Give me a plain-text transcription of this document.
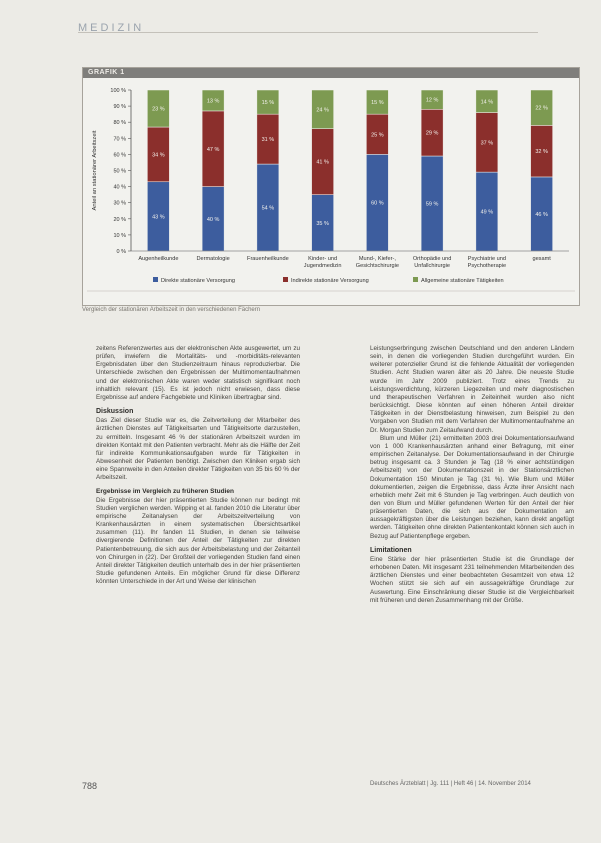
MEDIZIN
GRAFIK 1
0 %
10 %
20 %
30 %
40 %
50 %
60 %
70 %
80 %
90 %
100 %
Anteil an stationärer Arbeitszeit
43 %
34 %
23 %
Augenheilkunde
40 %
47 %
13 %
Dermatologie
54 %
31 %
15 %
Frauenheilkunde
35 %
41 %
24 %
Kinder- und
Jugendmedizin
60 %
25 %
15 %
Mund-, Kiefer-,
Gesichtschirurgie
59 %
29 %
12 %
Orthopädie und
Unfallchirurgie
49 %
37 %
14 %
Psychiatrie und
Psychotherapie
46 %
32 %
22 %
gesamt
Direkte stationäre Versorgung	Indirekte stationäre Versorgung	Allgemeine stationäre Tätigkeiten
Vergleich der stationären Arbeitszeit in den verschiedenen Fächern

zeitens Referenzwertes aus der elektronischen Akte ausgewertet, um zu prüfen, inwiefern die Mortalitäts- und -morbiditäts-relevanten Ergebnisdaten über den Studienzeitraum hinaus reproduzierbar. Die Unterschiede zwischen den Ergebnissen der Multimomentaufnahmen und der elektronischen Akte waren weder statistisch signifikant noch inhaltlich relevant (15). Es ist jedoch nicht erwiesen, dass diese Ergebnisse auf andere Fachgebiete und Kliniken übertragbar sind.

Diskussion

Das Ziel dieser Studie war es, die Zeitverteilung der Mitarbeiter des ärztlichen Dienstes auf Tätigkeitsarten und Tätigkeitsorte darzustellen, zu ermitteln. Insgesamt 46 % der stationären Arbeitszeit wurden im direkten Kontakt mit den Patienten verbracht. Mehr als die Hälfte der Zeit für indirekte Kommunikationsaufgaben wurde für Tätigkeiten in Abwesenheit der Patienten benötigt. Zwischen den Kliniken ergab sich eine Spannweite in den Anteilen direkter Tätigkeiten von 35 bis 60 % der Arbeitszeit.

Ergebnisse im Vergleich zu früheren Studien

Die Ergebnisse der hier präsentierten Studie können nur bedingt mit Studien verglichen werden. Wipping et al. fanden 2010 die Literatur über empirische Zeitanalysen der Arbeitszeitverteilung von Krankenhausärzten in einem systematischen Übersichtsartikel zusammen (11). Ihr fanden 11 Studien, in denen sie teilweise divergierende Definitionen der Anteil der Tätigkeiten zur direkten Patientenbetreuung, die sich aus der Arbeitsbelastung und der Zeitanteil von Chirurgen in (22). Der Großteil der vorliegenden Studien fand einen Anteil direkter Tätigkeiten deutlich unterhalb des in der hier präsentierten Studie gefundenen Anteils. Ein möglicher Grund für diese Differenz könnten Unterschiede in der Art und Weise der klinischen

Leistungserbringung zwischen Deutschland und den anderen Ländern sein, in denen die vorliegenden Studien durchgeführt wurden. Ein weiterer potenzieller Grund ist die fehlende Aktualität der vorliegenden Studien. Acht Studien waren älter als 20 Jahre. Die neueste Studie wurde im Jahr 2009 publiziert. Trotz eines Trends zu Leistungsverdichtung, kürzeren Liegezeiten und mehr diagnostischen und therapeutischen Verfahren in Zeiteinheit wurden also nicht berücksichtigt. Diese könnten auf einen höheren Anteil direkter Tätigkeiten in der Dienstbelastung hinweisen, zum Beispiel zu den Vorgaben von Studien mit dem Verfahren der Multimomentaufnahme an Dr. Morgan Studien zum Zeitaufwand durch.

Blum und Müller (21) ermittelten 2003 drei Dokumentationsaufwand von 1 000 Krankenhausärzten anhand einer Befragung, mit einer empirischen Zeitanalyse. Der Dokumentationsaufwand in der Chirurgie betrug insgesamt ca. 3 Stunden je Tag (18 % einer achtstündigen Arbeitszeit) von der Dokumentationszeit in der Stationsärztlichen Dokumentation 150 Minuten je Tag (31 %). Wie Blum und Müller dokumentierten, zeigen die Ergebnisse, dass Ärzte ihrer Ansicht nach erheblich mehr Zeit mit 6 Stunden je Tag verbringen. Auch deutlich von den von Blum und Müller gefundenen Werten für den Anteil der hier präsentierten Daten, die sich aus der Dokumentation am aussagekräftigsten über die Leistungen beziehen, kann direkt angefügt werden. Tätigkeiten ohne direkten Patientenkontakt können sich auch in Bezug auf Patientenpflege ergeben.

Limitationen

Eine Stärke der hier präsentierten Studie ist die Grundlage der erhobenen Daten. Mit insgesamt 231 teilnehmenden Mitarbeitenden des ärztlichen Dienstes und einer beobachteten Gesamtzeit von etwa 12 Wochen stützt sie sich auf ein aussagekräftige Grundlage zur Auswertung. Eine Einschränkung dieser Studie ist die Vergleichbarkeit mit früheren und deren Zusammenhang mit der Größe.

788	Deutsches Ärzteblatt | Jg. 111 | Heft 46 | 14. November 2014
